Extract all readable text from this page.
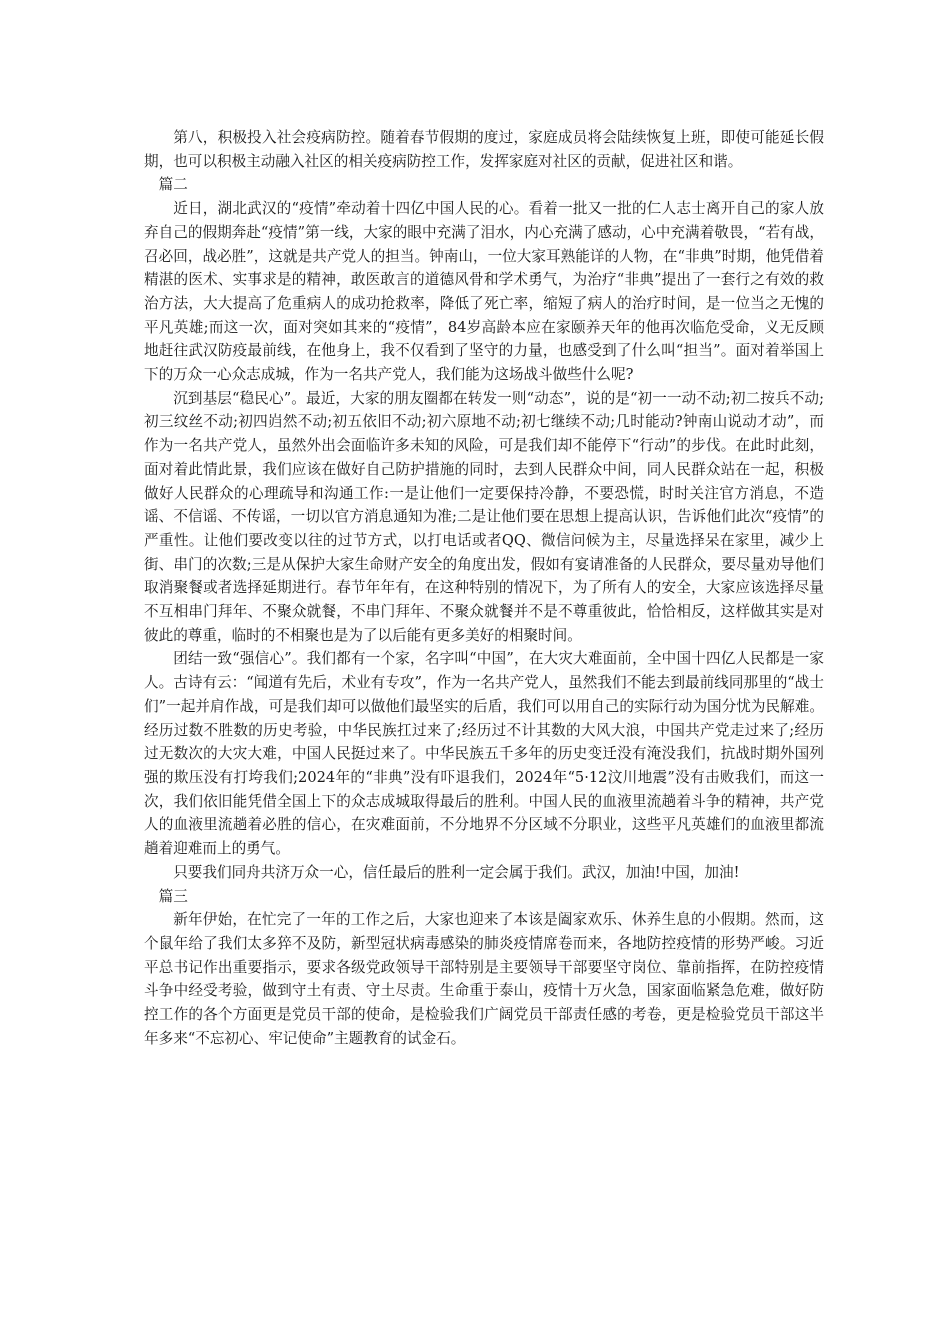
第八，积极投入社会疫病防控。随着春节假期的度过，家庭成员将会陆续恢复上班，即使可能延长假期，也可以积极主动融入社区的相关疫病防控工作，发挥家庭对社区的贡献，促进社区和谐。

篇二

近日，湖北武汉的“疫情”牵动着十四亿中国人民的心。看着一批又一批的仁人志士离开自己的家人放弃自己的假期奔赴“疫情”第一线，大家的眼中充满了泪水，内心充满了感动，心中充满着敬畏，“若有战，召必回，战必胜”，这就是共产党人的担当。钟南山，一位大家耳熟能详的人物，在“非典”时期，他凭借着精湛的医术、实事求是的精神，敢医敢言的道德风骨和学术勇气，为治疗“非典”提出了一套行之有效的救治方法，大大提高了危重病人的成功抢救率，降低了死亡率，缩短了病人的治疗时间，是一位当之无愧的平凡英雄;而这一次，面对突如其来的“疫情”，84岁高龄本应在家颐养天年的他再次临危受命，义无反顾地赶往武汉防疫最前线，在他身上，我不仅看到了坚守的力量，也感受到了什么叫“担当”。面对着举国上下的万众一心众志成城，作为一名共产党人，我们能为这场战斗做些什么呢?

沉到基层“稳民心”。最近，大家的朋友圈都在转发一则“动态”，说的是“初一一动不动;初二按兵不动;初三纹丝不动;初四岿然不动;初五依旧不动;初六原地不动;初七继续不动;几时能动?钟南山说动才动”，而作为一名共产党人，虽然外出会面临许多未知的风险，可是我们却不能停下“行动”的步伐。在此时此刻，面对着此情此景，我们应该在做好自己防护措施的同时，去到人民群众中间，同人民群众站在一起，积极做好人民群众的心理疏导和沟通工作:一是让他们一定要保持冷静，不要恐慌，时时关注官方消息，不造谣、不信谣、不传谣，一切以官方消息通知为准;二是让他们要在思想上提高认识，告诉他们此次“疫情”的严重性。让他们要改变以往的过节方式，以打电话或者QQ、微信问候为主，尽量选择呆在家里，减少上街、串门的次数;三是从保护大家生命财产安全的角度出发，假如有宴请准备的人民群众，要尽量劝导他们取消聚餐或者选择延期进行。春节年年有，在这种特别的情况下，为了所有人的安全，大家应该选择尽量不互相串门拜年、不聚众就餐，不串门拜年、不聚众就餐并不是不尊重彼此，恰恰相反，这样做其实是对彼此的尊重，临时的不相聚也是为了以后能有更多美好的相聚时间。

团结一致“强信心”。我们都有一个家，名字叫“中国”，在大灾大难面前，全中国十四亿人民都是一家人。古诗有云：“闻道有先后，术业有专攻”，作为一名共产党人，虽然我们不能去到最前线同那里的“战士们”一起并肩作战，可是我们却可以做他们最坚实的后盾，我们可以用自己的实际行动为国分忧为民解难。经历过数不胜数的历史考验，中华民族扛过来了;经历过不计其数的大风大浪，中国共产党走过来了;经历过无数次的大灾大难，中国人民挺过来了。中华民族五千多年的历史变迁没有淹没我们，抗战时期外国列强的欺压没有打垮我们;2024年的“非典”没有吓退我们，2024年“5·12汶川地震”没有击败我们，而这一次，我们依旧能凭借全国上下的众志成城取得最后的胜利。中国人民的血液里流趟着斗争的精神，共产党人的血液里流趟着必胜的信心，在灾难面前，不分地界不分区域不分职业，这些平凡英雄们的血液里都流趟着迎难而上的勇气。

只要我们同舟共济万众一心，信任最后的胜利一定会属于我们。武汉，加油!中国，加油!

篇三

新年伊始，在忙完了一年的工作之后，大家也迎来了本该是阖家欢乐、休养生息的小假期。然而，这个鼠年给了我们太多猝不及防，新型冠状病毒感染的肺炎疫情席卷而来，各地防控疫情的形势严峻。习近平总书记作出重要指示，要求各级党政领导干部特别是主要领导干部要坚守岗位、靠前指挥，在防控疫情斗争中经受考验，做到守土有责、守土尽责。生命重于泰山，疫情十万火急，国家面临紧急危难，做好防控工作的各个方面更是党员干部的使命，是检验我们广阔党员干部责任感的考卷，更是检验党员干部这半年多来“不忘初心、牢记使命”主题教育的试金石。
